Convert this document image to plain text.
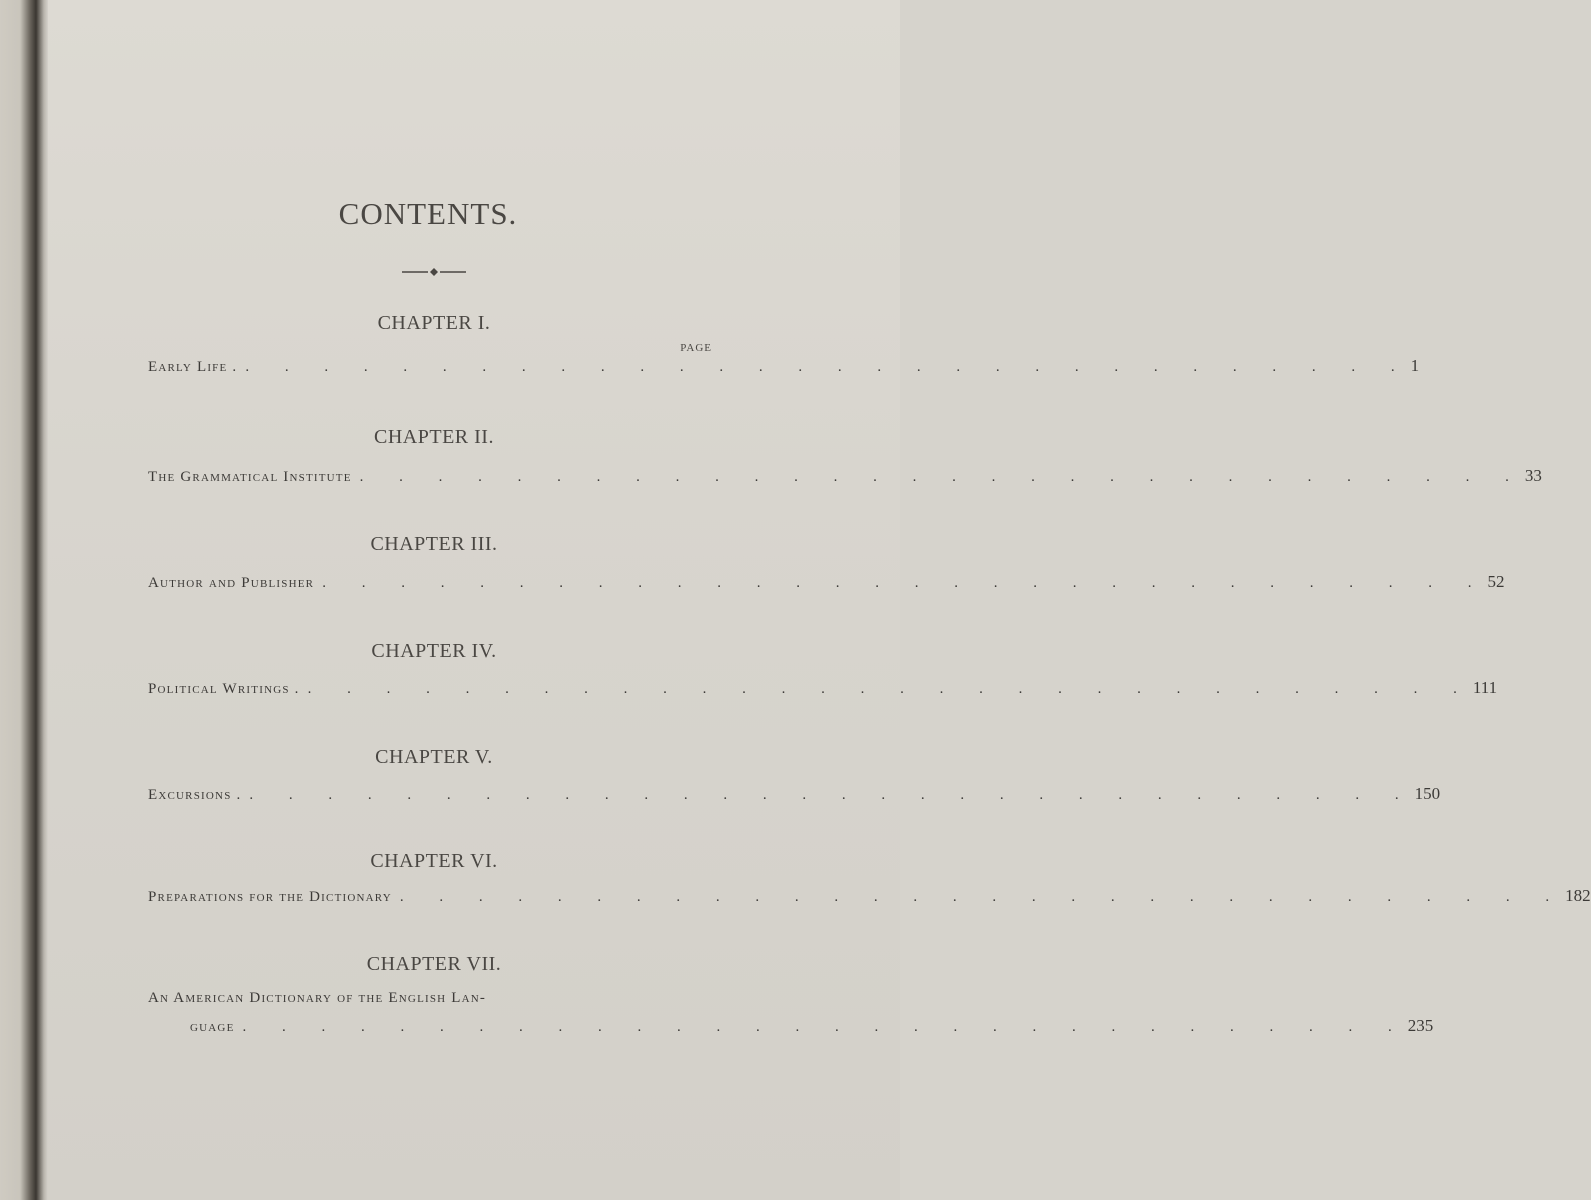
CONTENTS.
CHAPTER I.
PAGE
Early Life . . . . . . . . . . . . . . . . . . . . . . . . . . . . . . . 1
CHAPTER II.
The Grammatical Institute . . . . . . . . . . . . . . . . . . . . . . . . . . . . . . 33
CHAPTER III.
Author and Publisher . . . . . . . . . . . . . . . . . . . . . . . . . . . . . . 52
CHAPTER IV.
Political Writings . . . . . . . . . . . . . . . . . . . . . . . . . . . . . . . 111
CHAPTER V.
Excursions . . . . . . . . . . . . . . . . . . . . . . . . . . . . . . . 150
CHAPTER VI.
Preparations for the Dictionary . . . . . . . . . . . . . . . . . . . . . . . . . . . . . . 182
CHAPTER VII.
An American Dictionary of the English Lan-
guage . . . . . . . . . . . . . . . . . . . . . . . . . . . . . . 235
